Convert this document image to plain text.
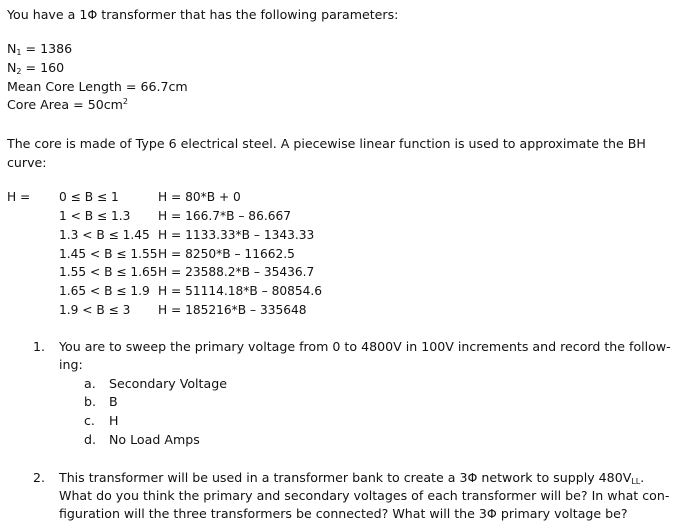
You have a 1Φ transformer that has the following parameters:
$N_1 = 1386$
$N_2 = 160$
Mean Core Length = 66.7cm
Core Area = $50cm^2$
The core is made of Type 6 electrical steel. A piecewise linear function is used to approximate the BH
curve:
H = 0 ≤ B ≤ 1	H = 80*B + 0
1 < B ≤ 1.3 H = 166.7*B – 86.667
1.3 < B ≤ 1.45 H = 1133.33*B – 1343.33
1.45 < B ≤ 1.55 H = 8250*B – 11662.5
1.55 < B ≤ 1.65 H = 23588.2*B – 35436.7
1.65 < B ≤ 1.9 H = 51114.18*B – 80854.6
1.9 < B ≤ 3 H = 185216*B – 335648
1. You are to sweep the primary voltage from 0 to 4800V in 100V increments and record the follow-
ing:
a. Secondary Voltage
b. B
c. H
d. No Load Amps
2. This transformer will be used in a transformer bank to create a 3Φ network to supply $480V_{LL}$.
What do you think the primary and secondary voltages of each transformer will be? In what con-
figuration will the three transformers be connected? What will the 3Φ primary voltage be?
